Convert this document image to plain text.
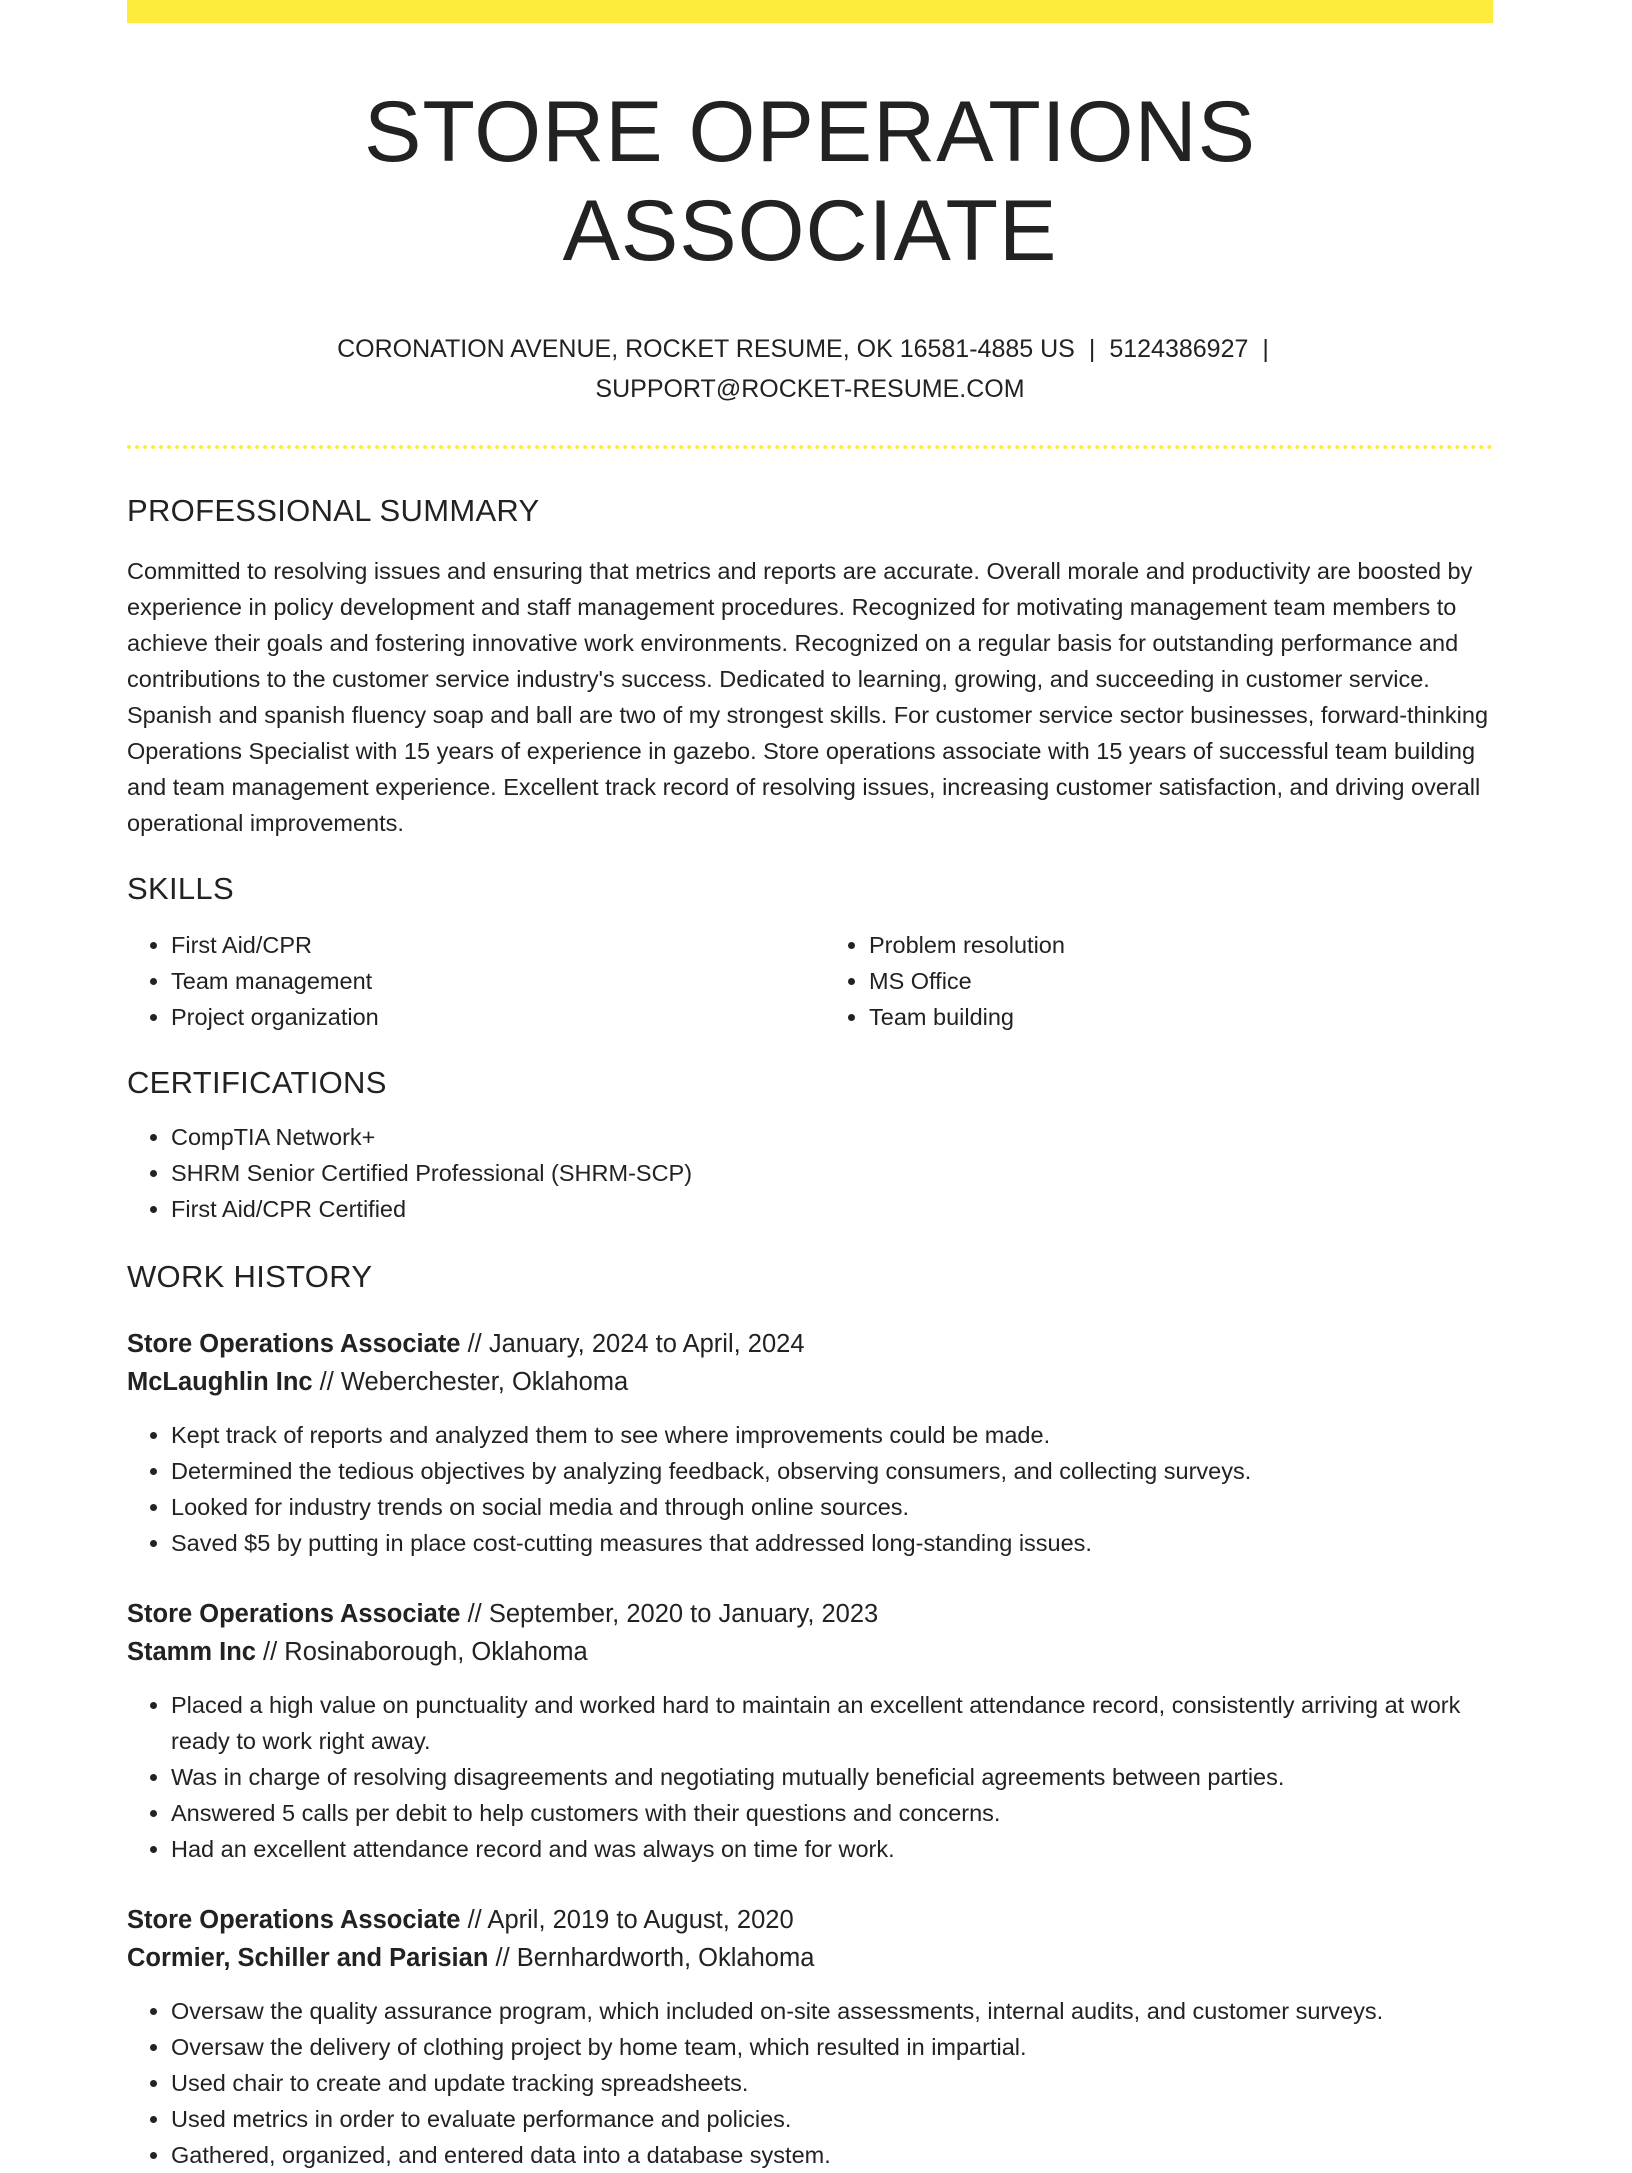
STORE OPERATIONS ASSOCIATE
CORONATION AVENUE, ROCKET RESUME, OK 16581-4885 US | 5124386927 |
SUPPORT@ROCKET-RESUME.COM
PROFESSIONAL SUMMARY

Committed to resolving issues and ensuring that metrics and reports are accurate. Overall morale and productivity are boosted by experience in policy development and staff management procedures. Recognized for motivating management team members to achieve their goals and fostering innovative work environments. Recognized on a regular basis for outstanding performance and contributions to the customer service industry's success. Dedicated to learning, growing, and succeeding in customer service. Spanish and spanish fluency soap and ball are two of my strongest skills. For customer service sector businesses, forward-thinking Operations Specialist with 15 years of experience in gazebo. Store operations associate with 15 years of successful team building and team management experience. Excellent track record of resolving issues, increasing customer satisfaction, and driving overall operational improvements.

SKILLS
• First Aid/CPR
• Team management
• Project organization
• Problem resolution
• MS Office
• Team building
CERTIFICATIONS
• CompTIA Network+
• SHRM Senior Certified Professional (SHRM-SCP)
• First Aid/CPR Certified
WORK HISTORY
Store Operations Associate // January, 2024 to April, 2024
McLaughlin Inc // Weberchester, Oklahoma
• Kept track of reports and analyzed them to see where improvements could be made.
• Determined the tedious objectives by analyzing feedback, observing consumers, and collecting surveys.
• Looked for industry trends on social media and through online sources.
• Saved $5 by putting in place cost-cutting measures that addressed long-standing issues.
Store Operations Associate // September, 2020 to January, 2023
Stamm Inc // Rosinaborough, Oklahoma
• Placed a high value on punctuality and worked hard to maintain an excellent attendance record, consistently arriving at work ready to work right away.
• Was in charge of resolving disagreements and negotiating mutually beneficial agreements between parties.
• Answered 5 calls per debit to help customers with their questions and concerns.
• Had an excellent attendance record and was always on time for work.
Store Operations Associate // April, 2019 to August, 2020
Cormier, Schiller and Parisian // Bernhardworth, Oklahoma
• Oversaw the quality assurance program, which included on-site assessments, internal audits, and customer surveys.
• Oversaw the delivery of clothing project by home team, which resulted in impartial.
• Used chair to create and update tracking spreadsheets.
• Used metrics in order to evaluate performance and policies.
• Gathered, organized, and entered data into a database system.
